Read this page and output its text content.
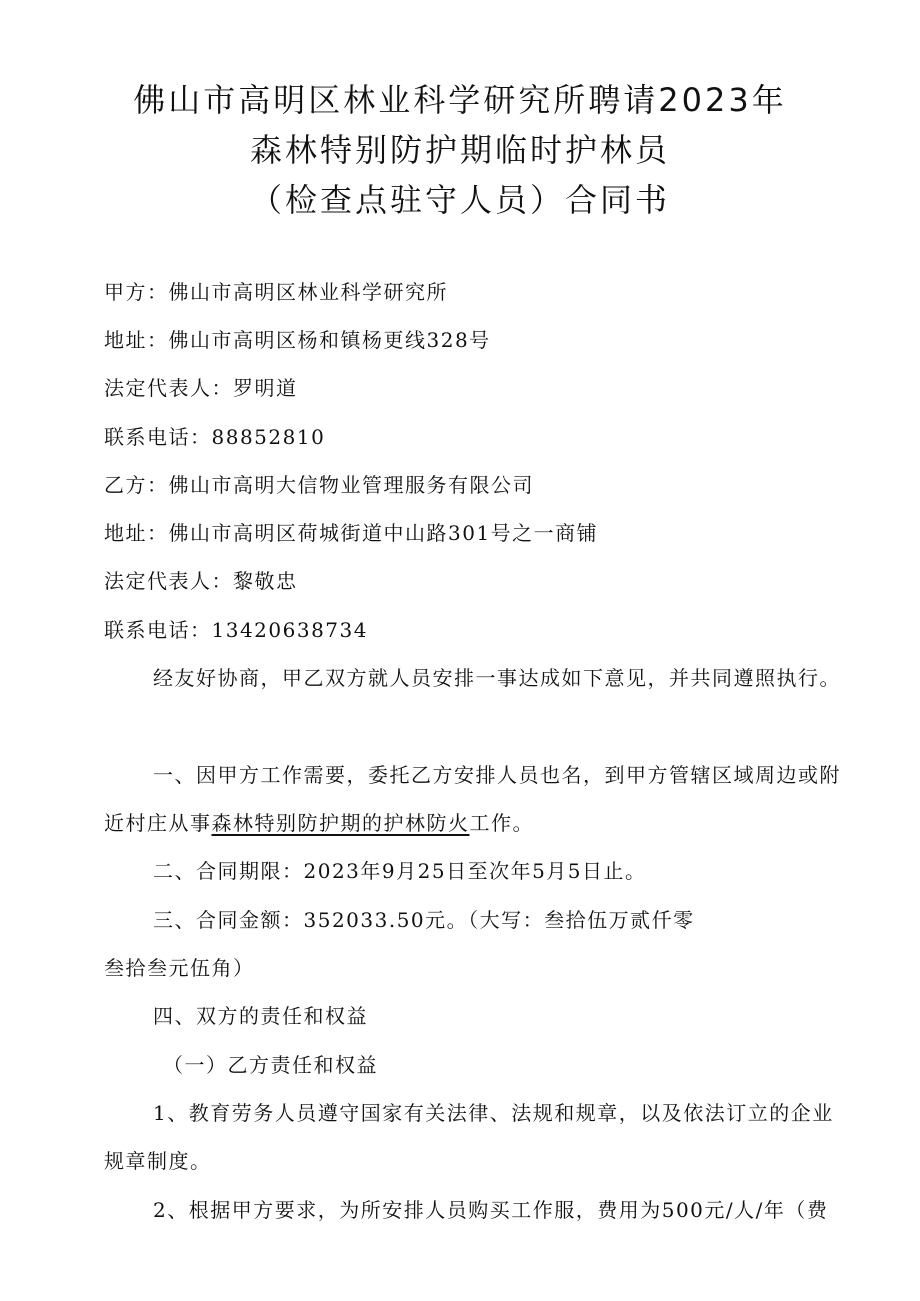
佛山市高明区林业科学研究所聘请2023年
森林特别防护期临时护林员
（检查点驻守人员）合同书
甲方：佛山市高明区林业科学研究所
地址：佛山市高明区杨和镇杨更线328号
法定代表人：罗明道
联系电话：88852810
乙方：佛山市高明大信物业管理服务有限公司
地址：佛山市高明区荷城街道中山路301号之一商铺
法定代表人：黎敬忠
联系电话：13420638734
经友好协商，甲乙双方就人员安排一事达成如下意见，并共同遵照执行。
一、因甲方工作需要，委托乙方安排人员也名，到甲方管辖区域周边或附
近村庄从事森林特别防护期的护林防火工作。
二、合同期限：2023年9月25日至次年5月5日止。
三、合同金额：352033.50元。（大写：叁拾伍万贰仟零
叁拾叁元伍角）
四、双方的责任和权益
（一）乙方责任和权益
1、教育劳务人员遵守国家有关法律、法规和规章，以及依法订立的企业
规章制度。
2、根据甲方要求，为所安排人员购买工作服，费用为500元/人/年（费
